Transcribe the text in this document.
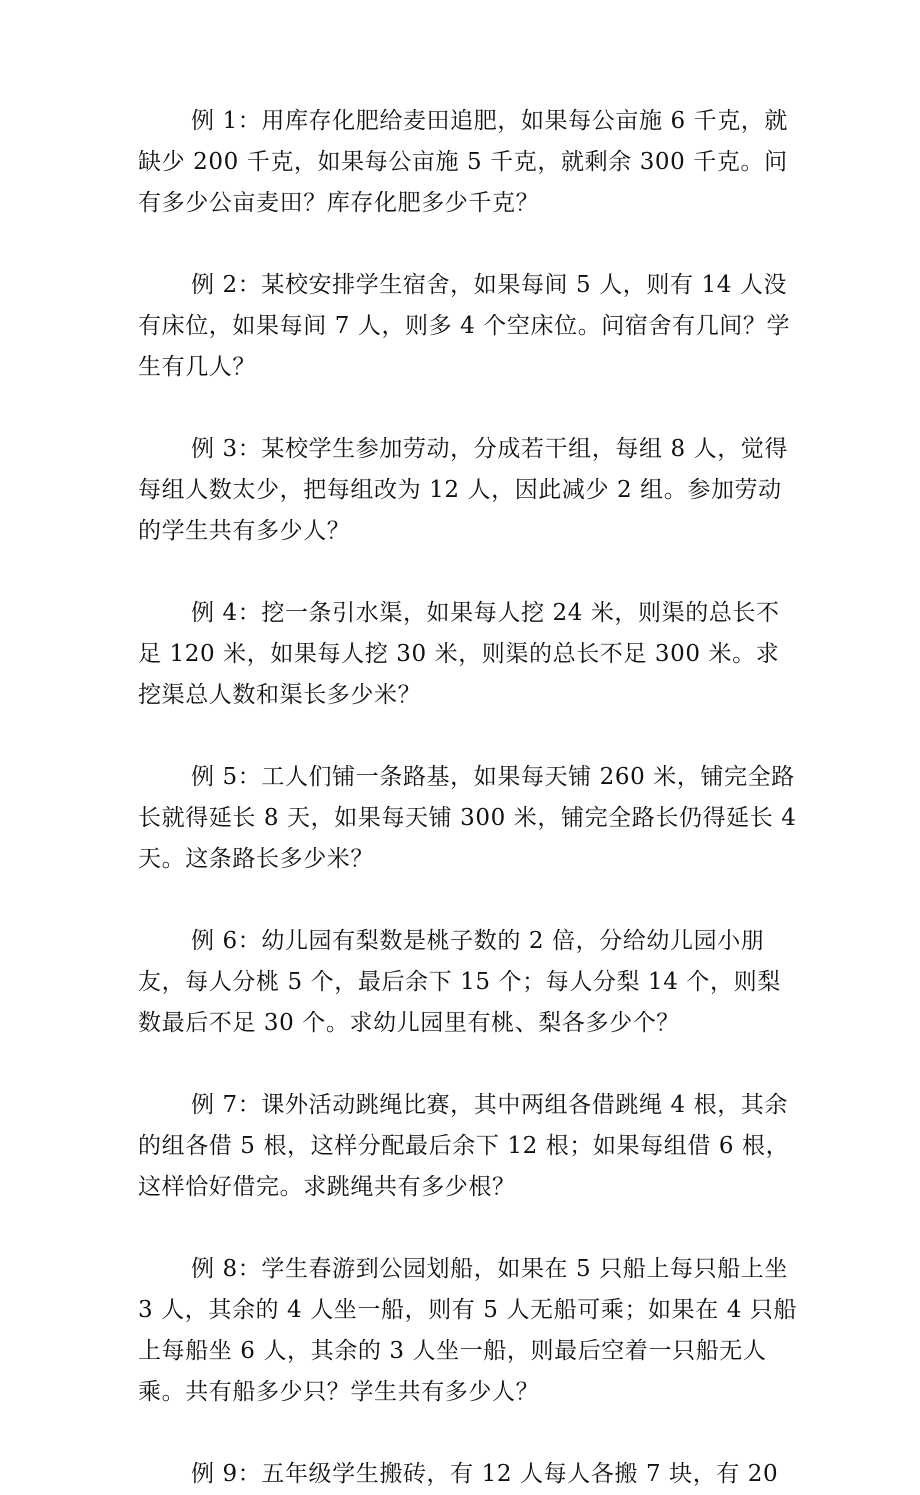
例 1：用库存化肥给麦田追肥，如果每公亩施 6 千克，就缺少 200 千克，如果每公亩施 5 千克，就剩余 300 千克。问有多少公亩麦田？库存化肥多少千克？

例 2：某校安排学生宿舍，如果每间 5 人，则有 14 人没有床位，如果每间 7 人，则多 4 个空床位。问宿舍有几间？学生有几人？

例 3：某校学生参加劳动，分成若干组，每组 8 人，觉得每组人数太少，把每组改为 12 人，因此减少 2 组。参加劳动的学生共有多少人？

例 4：挖一条引水渠，如果每人挖 24 米，则渠的总长不足 120 米，如果每人挖 30 米，则渠的总长不足 300 米。求挖渠总人数和渠长多少米？

例 5：工人们铺一条路基，如果每天铺 260 米，铺完全路长就得延长 8 天，如果每天铺 300 米，铺完全路长仍得延长 4 天。这条路长多少米？

例 6：幼儿园有梨数是桃子数的 2 倍，分给幼儿园小朋友，每人分桃 5 个，最后余下 15 个；每人分梨 14 个，则梨数最后不足 30 个。求幼儿园里有桃、梨各多少个？

例 7：课外活动跳绳比赛，其中两组各借跳绳 4 根，其余的组各借 5 根，这样分配最后余下 12 根；如果每组借 6 根，这样恰好借完。求跳绳共有多少根？

例 8：学生春游到公园划船，如果在 5 只船上每只船上坐 3 人，其余的 4 人坐一船，则有 5 人无船可乘；如果在 4 只船上每船坐 6 人，其余的 3 人坐一船，则最后空着一只船无人乘。共有船多少只？学生共有多少人？

例 9：五年级学生搬砖，有 12 人每人各搬 7 块，有 20
